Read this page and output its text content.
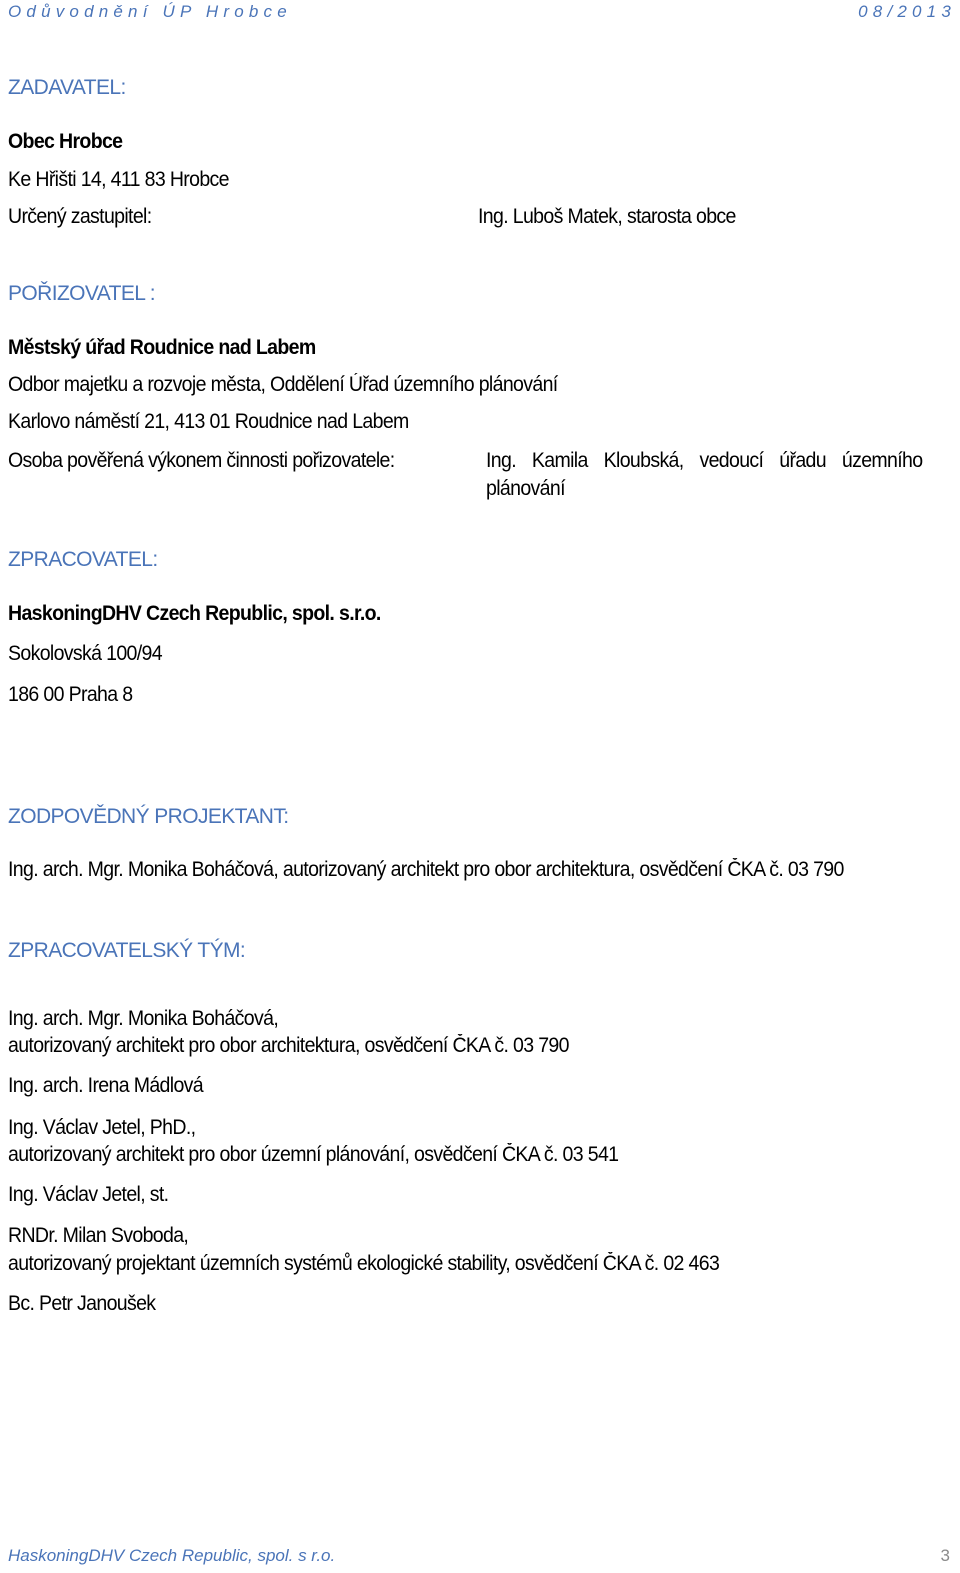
Odůvodnění ÚP Hrobce	08/2013
ZADAVATEL:
Obec Hrobce
Ke Hřišti 14, 411 83 Hrobce
Určený zastupitel:	Ing. Luboš Matek, starosta obce
POŘIZOVATEL :
Městský úřad Roudnice nad Labem
Odbor majetku a rozvoje města, Oddělení Úřad územního plánování
Karlovo náměstí 21, 413 01 Roudnice nad Labem
Osoba pověřená výkonem činnosti pořizovatele:	Ing. Kamila Kloubská, vedoucí úřadu územního
plánování
ZPRACOVATEL:
HaskoningDHV Czech Republic, spol. s.r.o.
Sokolovská 100/94
186 00 Praha 8
ZODPOVĚDNÝ PROJEKTANT:
Ing. arch. Mgr. Monika Boháčová, autorizovaný architekt pro obor architektura, osvědčení ČKA č. 03 790
ZPRACOVATELSKÝ TÝM:
Ing. arch. Mgr. Monika Boháčová,
autorizovaný architekt pro obor architektura, osvědčení ČKA č. 03 790
Ing. arch. Irena Mádlová
Ing. Václav Jetel, PhD.,
autorizovaný architekt pro obor územní plánování, osvědčení ČKA č. 03 541
Ing. Václav Jetel, st.
RNDr. Milan Svoboda,
autorizovaný projektant územních systémů ekologické stability, osvědčení ČKA č. 02 463
Bc. Petr Janoušek
HaskoningDHV Czech Republic, spol. s r.o.	3
